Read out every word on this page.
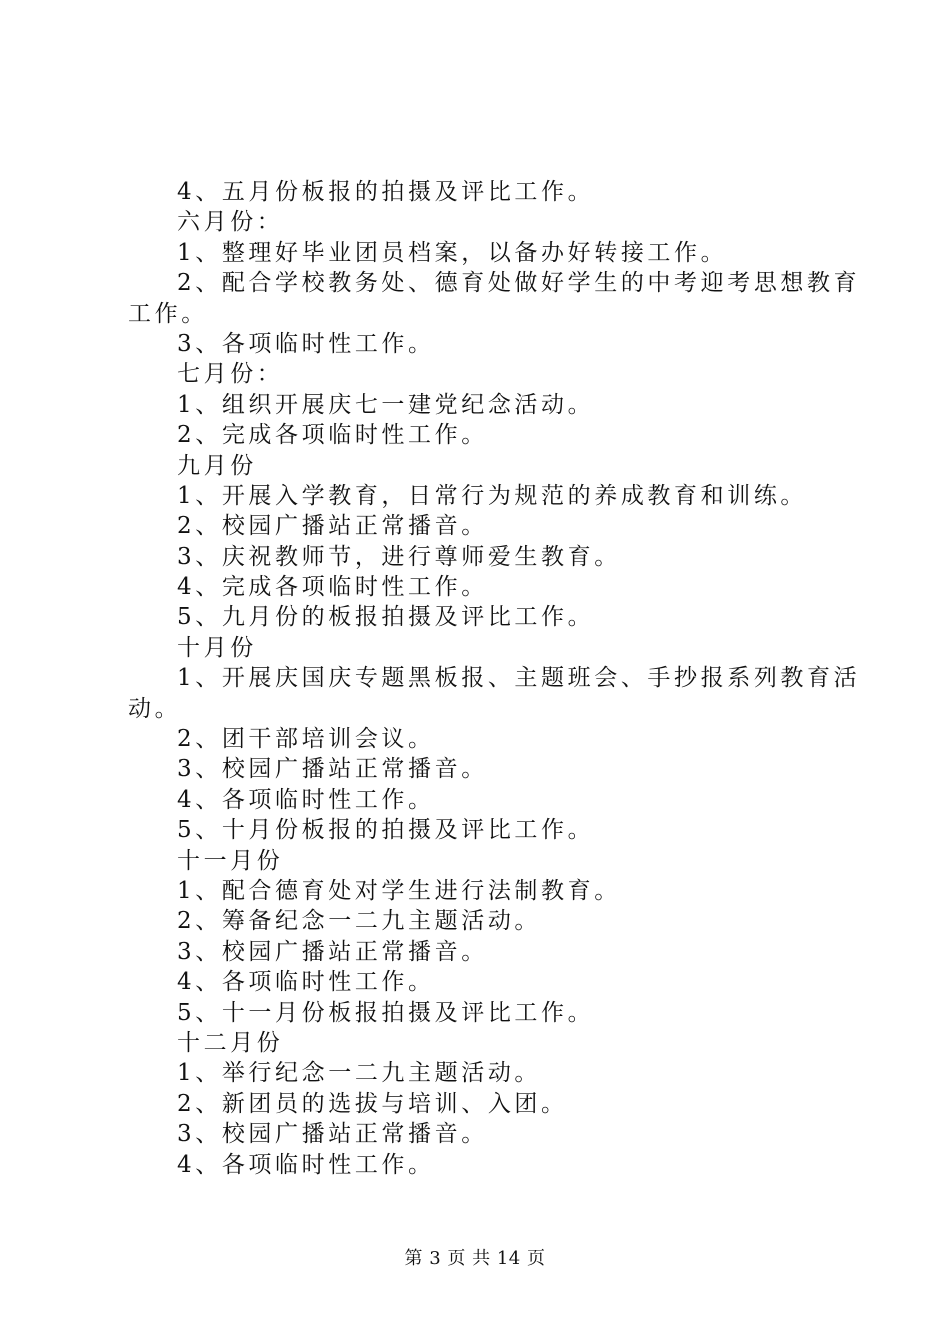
4、五月份板报的拍摄及评比工作。
六月份：
1、整理好毕业团员档案，以备办好转接工作。
2、配合学校教务处、德育处做好学生的中考迎考思想教育
工作。
3、各项临时性工作。
七月份：
1、组织开展庆七一建党纪念活动。
2、完成各项临时性工作。
九月份
1、开展入学教育，日常行为规范的养成教育和训练。
2、校园广播站正常播音。
3、庆祝教师节，进行尊师爱生教育。
4、完成各项临时性工作。
5、九月份的板报拍摄及评比工作。
十月份
1、开展庆国庆专题黑板报、主题班会、手抄报系列教育活
动。
2、团干部培训会议。
3、校园广播站正常播音。
4、各项临时性工作。
5、十月份板报的拍摄及评比工作。
十一月份
1、配合德育处对学生进行法制教育。
2、筹备纪念一二九主题活动。
3、校园广播站正常播音。
4、各项临时性工作。
5、十一月份板报拍摄及评比工作。
十二月份
1、举行纪念一二九主题活动。
2、新团员的选拔与培训、入团。
3、校园广播站正常播音。
4、各项临时性工作。
第 3 页 共 14 页
